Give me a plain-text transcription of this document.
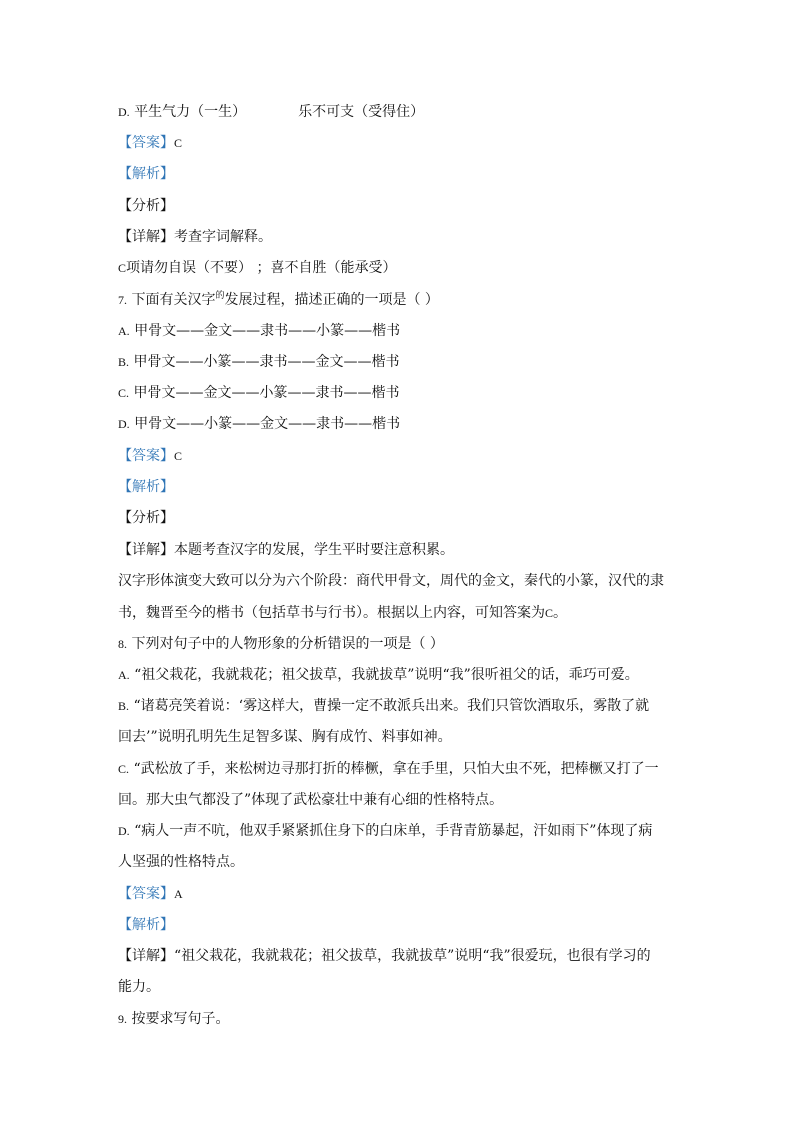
D. 平生气力（一生）	乐不可支（受得住）
【答案】C
【解析】
【分析】
【详解】考查字词解释。
C项请勿自误（不要） ；喜不自胜（能承受）
7. 下面有关汉字$^的$发展过程，描述正确的一项是（ ）
A. 甲骨文——金文——隶书——小篆——楷书
B. 甲骨文——小篆——隶书——金文——楷书
C. 甲骨文——金文——小篆——隶书——楷书
D. 甲骨文——小篆——金文——隶书——楷书
【答案】C
【解析】
【分析】
【详解】本题考查汉字的发展，学生平时要注意积累。
汉字形体演变大致可以分为六个阶段：商代甲骨文，周代的金文，秦代的小篆，汉代的隶
书，魏晋至今的楷书（包括草书与行书）。根据以上内容，可知答案为C。
8. 下列对句子中的人物形象的分析错误的一项是（ ）
A. “祖父栽花，我就栽花；祖父拔草，我就拔草”说明“我”很听祖父的话，乖巧可爱。
B. “诸葛亮笑着说：‘雾这样大，曹操一定不敢派兵出来。我们只管饮酒取乐，雾散了就
回去’”说明孔明先生足智多谋、胸有成竹、料事如神。
C. “武松放了手，来松树边寻那打折的棒橛，拿在手里，只怕大虫不死，把棒橛又打了一
回。那大虫气都没了”体现了武松豪壮中兼有心细的性格特点。
D. “病人一声不吭，他双手紧紧抓住身下的白床单，手背青筋暴起，汗如雨下”体现了病
人坚强的性格特点。
【答案】A
【解析】
【详解】“祖父栽花，我就栽花；祖父拔草，我就拔草”说明“我”很爱玩，也很有学习的
能力。
9. 按要求写句子。
